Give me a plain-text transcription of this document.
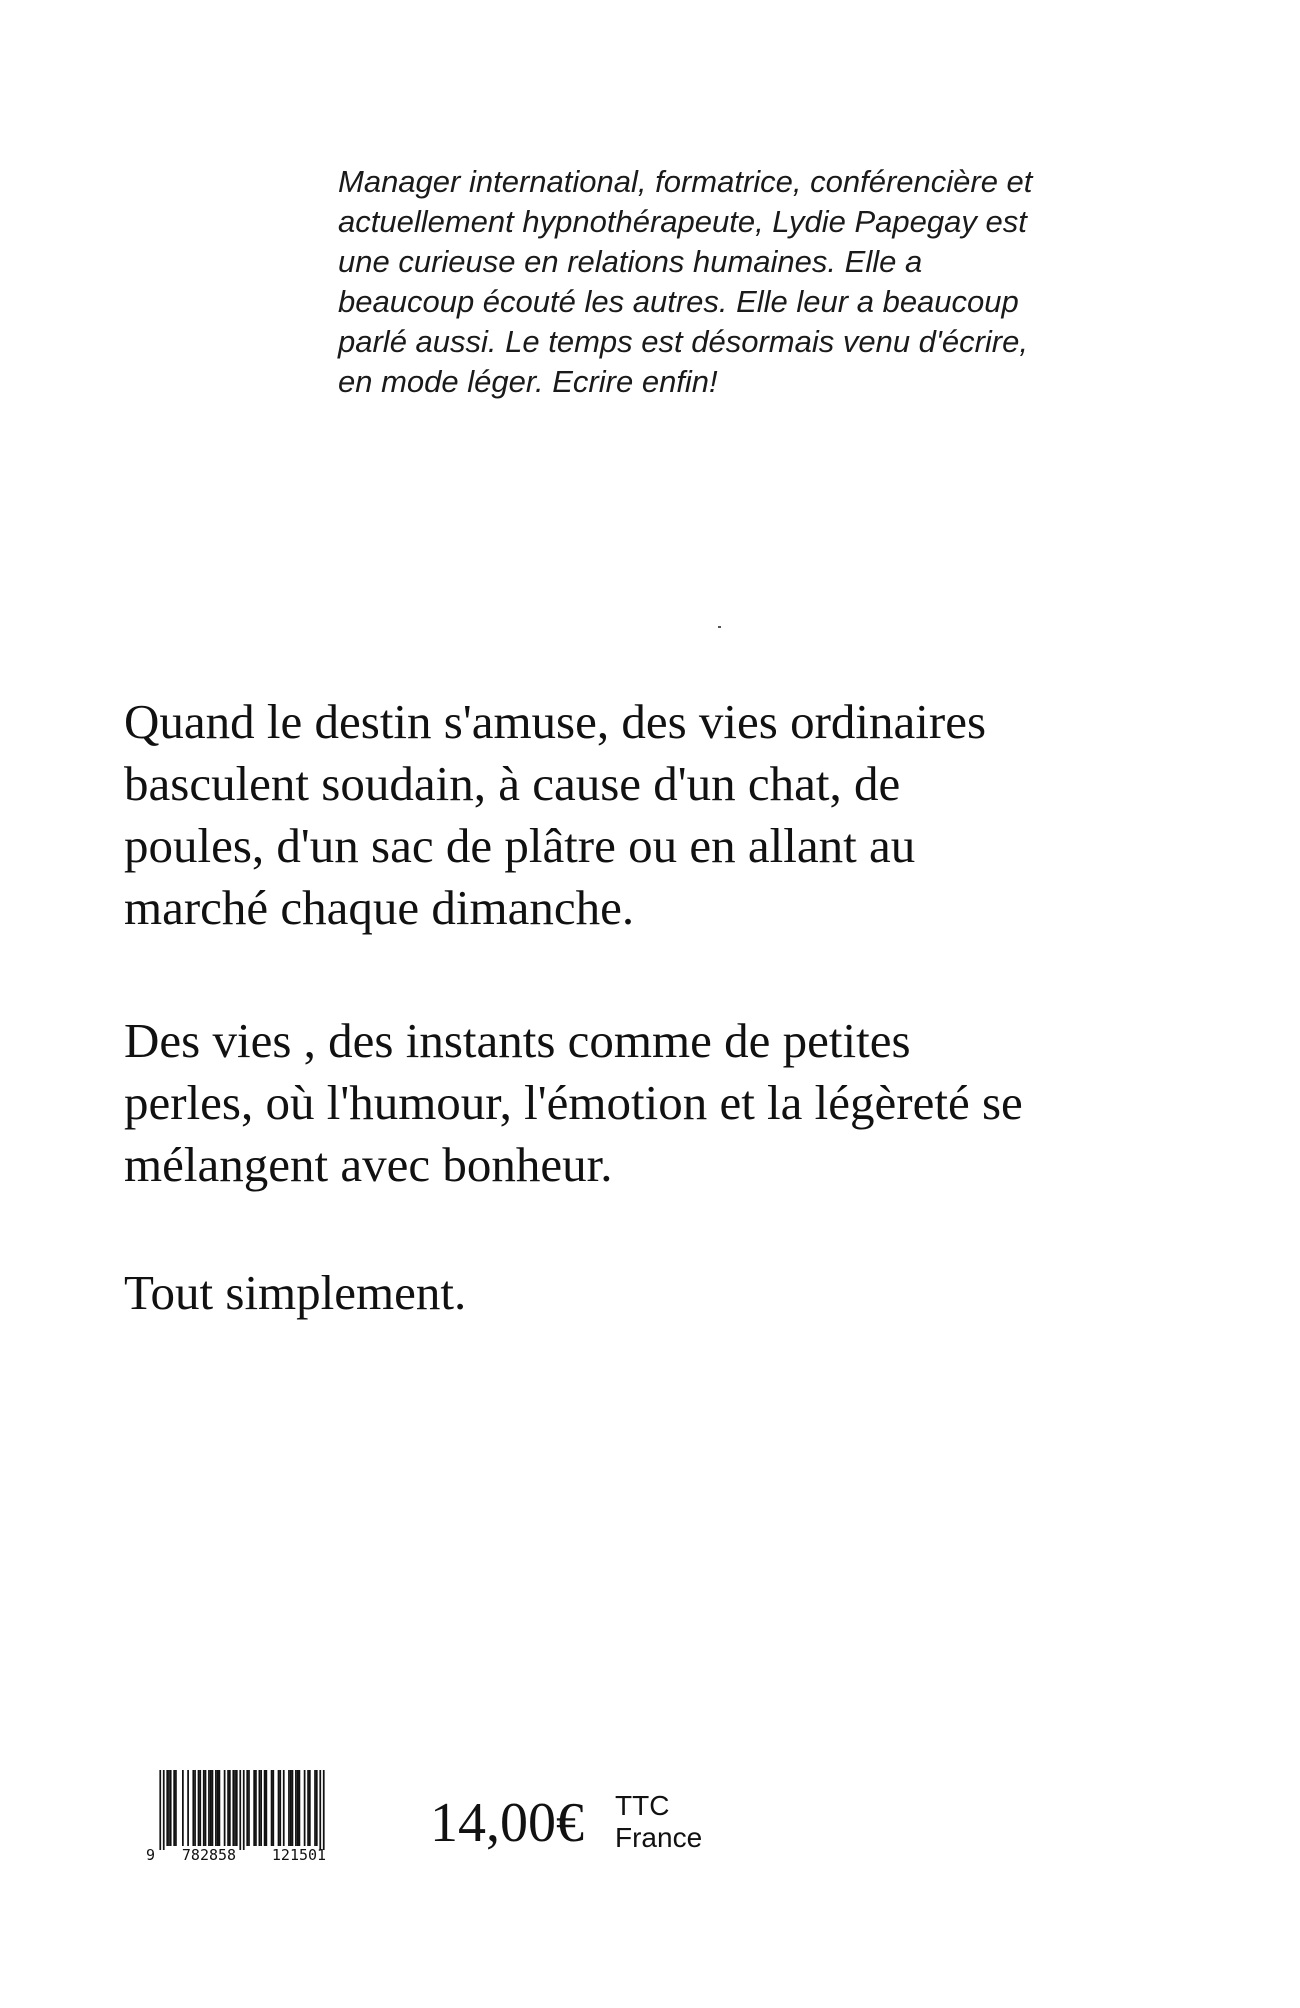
Manager international, formatrice, conférencière et
actuellement hypnothérapeute, Lydie Papegay est
une curieuse en relations humaines. Elle a
beaucoup écouté les autres. Elle leur a beaucoup
parlé aussi. Le temps est désormais venu d'écrire,
en mode léger. Ecrire enfin!
Quand le destin s'amuse, des vies ordinaires
basculent soudain, à cause d'un chat, de
poules, d'un sac de plâtre ou en allant au
marché chaque dimanche.
Des vies , des instants comme de petites
perles, où l'humour, l'émotion et la légèreté se
mélangent avec bonheur.
Tout simplement.
9	782858	121501
14,00€ TTC
France
